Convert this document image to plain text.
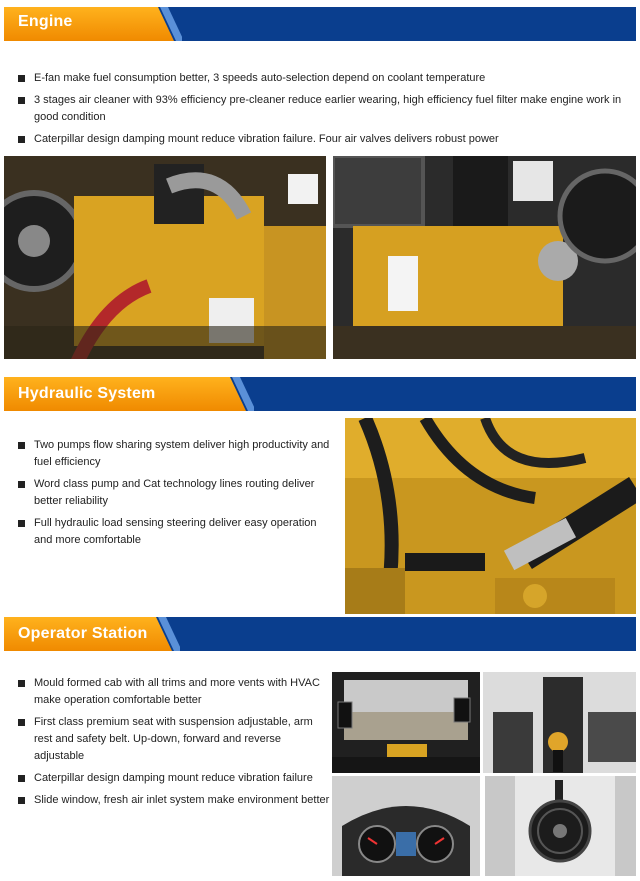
Engine
E-fan make fuel consumption better, 3 speeds auto-selection depend on coolant temperature
3 stages air cleaner with 93% efficiency pre-cleaner reduce earlier wearing, high efficiency fuel filter make engine work in good condition
Caterpillar design damping mount reduce vibration failure. Four air valves delivers robust power
Hydraulic System
Two pumps flow sharing system deliver high productivity and fuel efficiency
Word class pump and Cat technology lines routing deliver better reliability
Full hydraulic load sensing steering deliver easy operation and more comfortable
Operator Station
Mould formed cab with all trims and more vents with HVAC make operation comfortable better
First class premium seat with suspension adjustable, arm rest and safety belt. Up-down, forward and reverse adjustable
Caterpillar design damping mount reduce vibration failure
Slide window, fresh air inlet system make environment better
